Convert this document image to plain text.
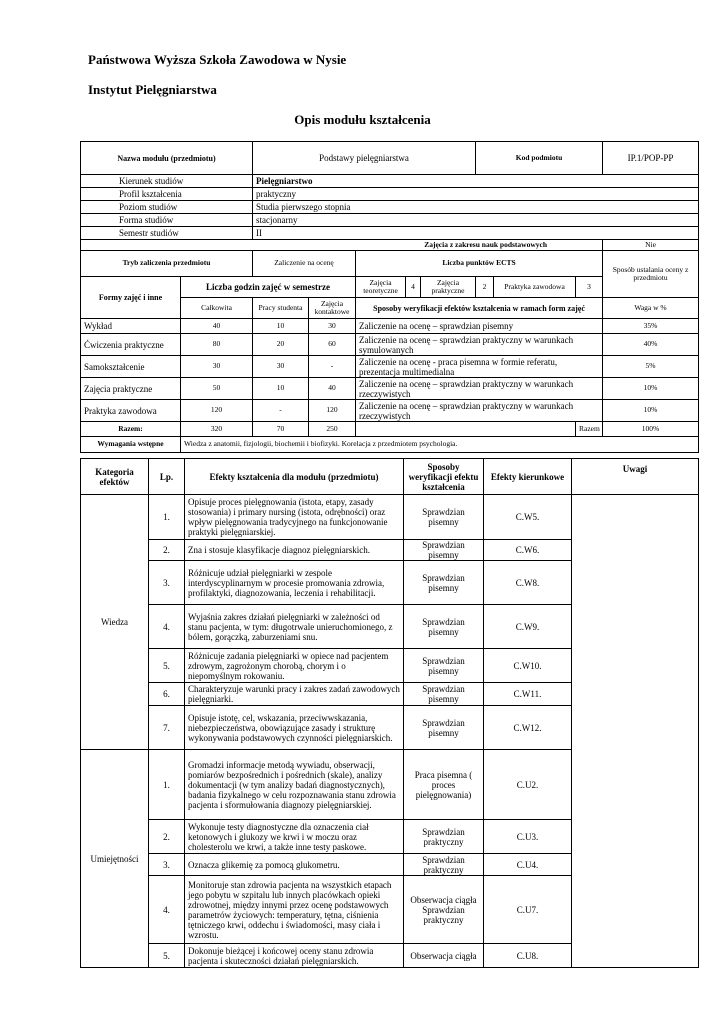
Państwowa Wyższa Szkoła Zawodowa w Nysie
Instytut Pielęgniarstwa
Opis modułu kształcenia
Nazwa modułu (przedmiotu)		Podstawy pielęgniarstwa					Kod podmiotu			IP.1/POP-PP
Kierunek studiów		Pielęgniarstwo								
Profil kształcenia		praktyczny								
Poziom studiów		Studia pierwszego stopnia								
Forma studiów		stacjonarny								
Semestr studiów		II								
Zajęcia z zakresu nauk podstawowych										Nie
Tryb zaliczenia przedmiotu		Zaliczenie na ocenę		Liczba punktów ECTS						Sposób ustalania oceny z przedmiotu
Formy zajęć i inne	Liczba godzin zajęć w semestrze			Zajęcia teoretyczne	4	Zajęcia praktyczne	2	Praktyka zawodowa	3	
	Całkowita	Pracy studenta	Zajęcia kontaktowe	Sposoby weryfikacji efektów kształcenia w ramach form zajęć						Waga w %
Wykład	40	10	30	Zaliczenie na ocenę – sprawdzian pisemny						35%
Ćwiczenia praktyczne	80	20	60	Zaliczenie na ocenę – sprawdzian praktyczny w warunkach symulowanych						40%
Samokształcenie	30	30	-	Zaliczenie na ocenę - praca pisemna w formie referatu, prezentacja multimedialna						5%
Zajęcia praktyczne	50	10	40	Zaliczenie na ocenę – sprawdzian praktyczny w warunkach rzeczywistych						10%
Praktyka zawodowa	120	-	120	Zaliczenie na ocenę – sprawdzian praktyczny w warunkach rzeczywistych						10%
Razem:	320	70	250						Razem	100%
Wymagania wstępne	Wiedza z anatomii, fizjologii, biochemii i biofizyki. Korelacja z przedmiotem psychologia.									
Kategoria efektów	Lp.	Efekty kształcenia dla modułu (przedmiotu)	Sposoby weryfikacji efektu kształcenia	Efekty kierunkowe	Uwagi
Wiedza	1.	Opisuje proces pielęgnowania (istota, etapy, zasady stosowania) i primary nursing (istota, odrębności) oraz wpływ pielęgnowania tradycyjnego na funkcjonowanie praktyki pielęgniarskiej.	Sprawdzian pisemny	C.W5.	
	2.	Zna i stosuje klasyfikacje diagnoz pielęgniarskich.	Sprawdzian pisemny	C.W6.	
	3.	Różnicuje udział pielęgniarki w zespole interdyscyplinarnym w procesie promowania zdrowia, profilaktyki, diagnozowania, leczenia i rehabilitacji.	Sprawdzian pisemny	C.W8.	
	4.	Wyjaśnia zakres działań pielęgniarki w zależności od stanu pacjenta, w tym: długotrwale unieruchomionego, z bólem, gorączką, zaburzeniami snu.	Sprawdzian pisemny	C.W9.	
	5.	Różnicuje zadania pielęgniarki w opiece nad pacjentem zdrowym, zagrożonym chorobą, chorym i o niepomyślnym rokowaniu.	Sprawdzian pisemny	C.W10.	
	6.	Charakteryzuje warunki pracy i zakres zadań zawodowych pielęgniarki.	Sprawdzian pisemny	C.W11.	
	7.	Opisuje istotę, cel, wskazania, przeciwwskazania, niebezpieczeństwa, obowiązujące zasady i strukturę wykonywania podstawowych czynności pielęgniarskich.	Sprawdzian pisemny	C.W12.	
Umiejętności	1.	Gromadzi informacje metodą wywiadu, obserwacji, pomiarów bezpośrednich i pośrednich (skale), analizy dokumentacji (w tym analizy badań diagnostycznych), badania fizykalnego w celu rozpoznawania stanu zdrowia pacjenta i sformułowania diagnozy pielęgniarskiej.	Praca pisemna ( proces pielęgnowania)	C.U2.	
	2.	Wykonuje testy diagnostyczne dla oznaczenia ciał ketonowych i glukozy we krwi i w moczu oraz cholesterolu we krwi, a także inne testy paskowe.	Sprawdzian praktyczny	C.U3.	
	3.	Oznacza glikemię za pomocą glukometru.	Sprawdzian praktyczny	C.U4.	
	4.	Monitoruje stan zdrowia pacjenta na wszystkich etapach jego pobytu w szpitalu lub innych placówkach opieki zdrowotnej, między innymi przez ocenę podstawowych parametrów życiowych: temperatury, tętna, ciśnienia tętniczego krwi, oddechu i świadomości, masy ciała i wzrostu.	Obserwacja ciągła Sprawdzian praktyczny	C.U7.	
	5.	Dokonuje bieżącej i końcowej oceny stanu zdrowia pacjenta i skuteczności działań pielęgniarskich.	Obserwacja ciągła	C.U8.	
